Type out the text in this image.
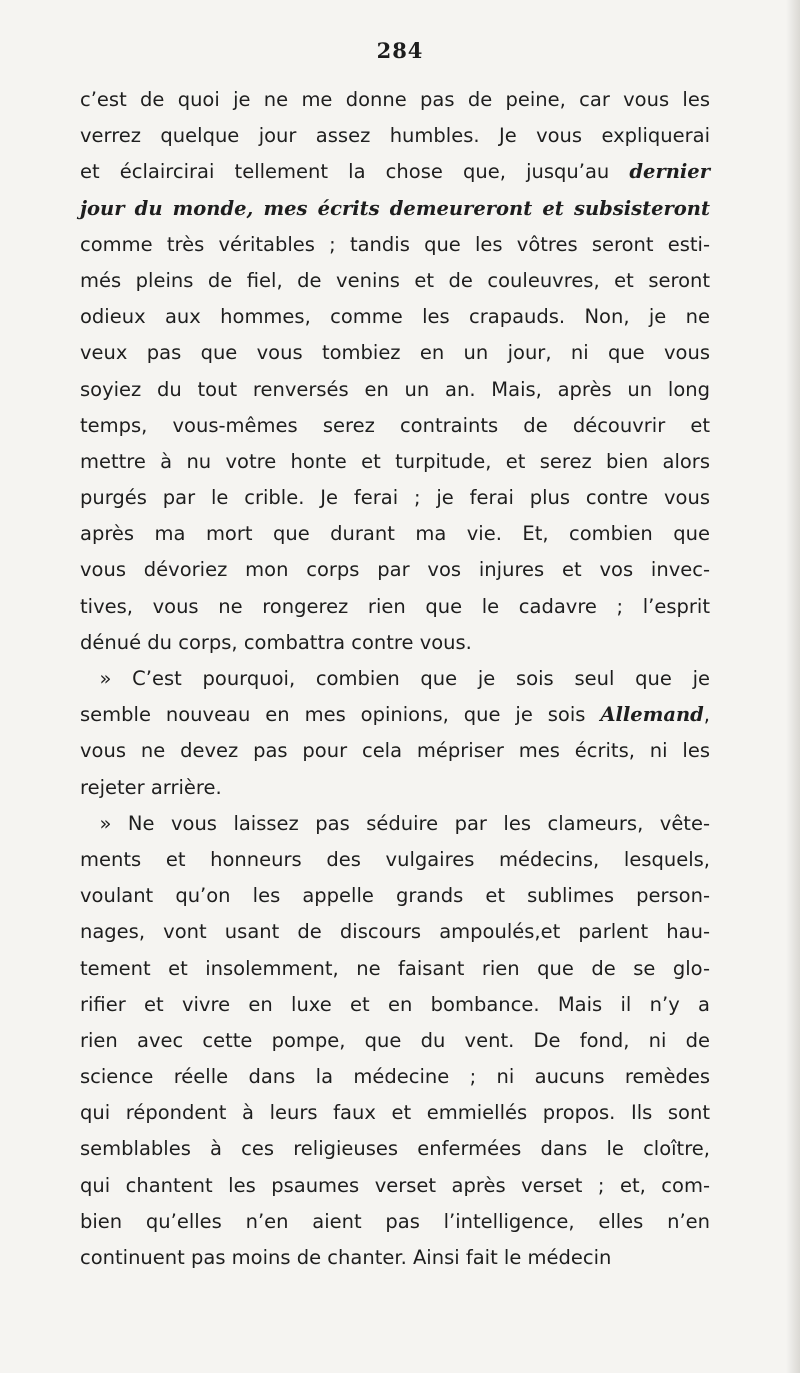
284
c’est de quoi je ne me donne pas de peine, car vous les
verrez quelque jour assez humbles. Je vous expliquerai
et éclaircirai tellement la chose que, jusqu’au dernier
jour du monde, mes écrits demeureront et subsisteront
comme très véritables ; tandis que les vôtres seront esti-
més pleins de fiel, de venins et de couleuvres, et seront
odieux aux hommes, comme les crapauds. Non, je ne
veux pas que vous tombiez en un jour, ni que vous
soyiez du tout renversés en un an. Mais, après un long
temps, vous-mêmes serez contraints de découvrir et
mettre à nu votre honte et turpitude, et serez bien alors
purgés par le crible. Je ferai ; je ferai plus contre vous
après ma mort que durant ma vie. Et, combien que
vous dévoriez mon corps par vos injures et vos invec-
tives, vous ne rongerez rien que le cadavre ; l’esprit
dénué du corps, combattra contre vous.
 » C’est pourquoi, combien que je sois seul que je
semble nouveau en mes opinions, que je sois Allemand,
vous ne devez pas pour cela mépriser mes écrits, ni les
rejeter arrière.
 » Ne vous laissez pas séduire par les clameurs, vête-
ments et honneurs des vulgaires médecins, lesquels,
voulant qu’on les appelle grands et sublimes person-
nages, vont usant de discours ampoulés,et parlent hau-
tement et insolemment, ne faisant rien que de se glo-
rifier et vivre en luxe et en bombance. Mais il n’y a
rien avec cette pompe, que du vent. De fond, ni de
science réelle dans la médecine ; ni aucuns remèdes
qui répondent à leurs faux et emmiellés propos. Ils sont
semblables à ces religieuses enfermées dans le cloître,
qui chantent les psaumes verset après verset ; et, com-
bien qu’elles n’en aient pas l’intelligence, elles n’en
continuent pas moins de chanter. Ainsi fait le médecin
